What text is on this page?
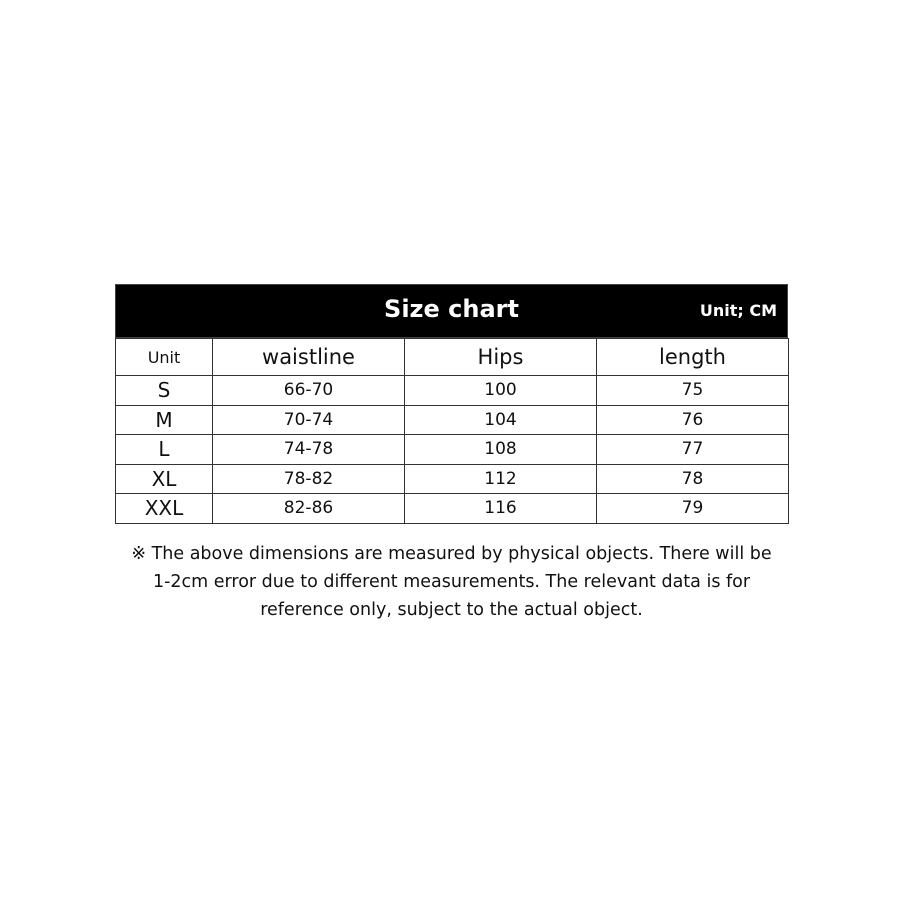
Size chart	Unit; CM
Unit	waistline	Hips	length
S	66-70	100	75
M	70-74	104	76
L	74-78	108	77
XL	78-82	112	78
XXL	82-86	116	79
※ The above dimensions are measured by physical objects. There will be
1-2cm error due to different measurements. The relevant data is for
reference only, subject to the actual object.
